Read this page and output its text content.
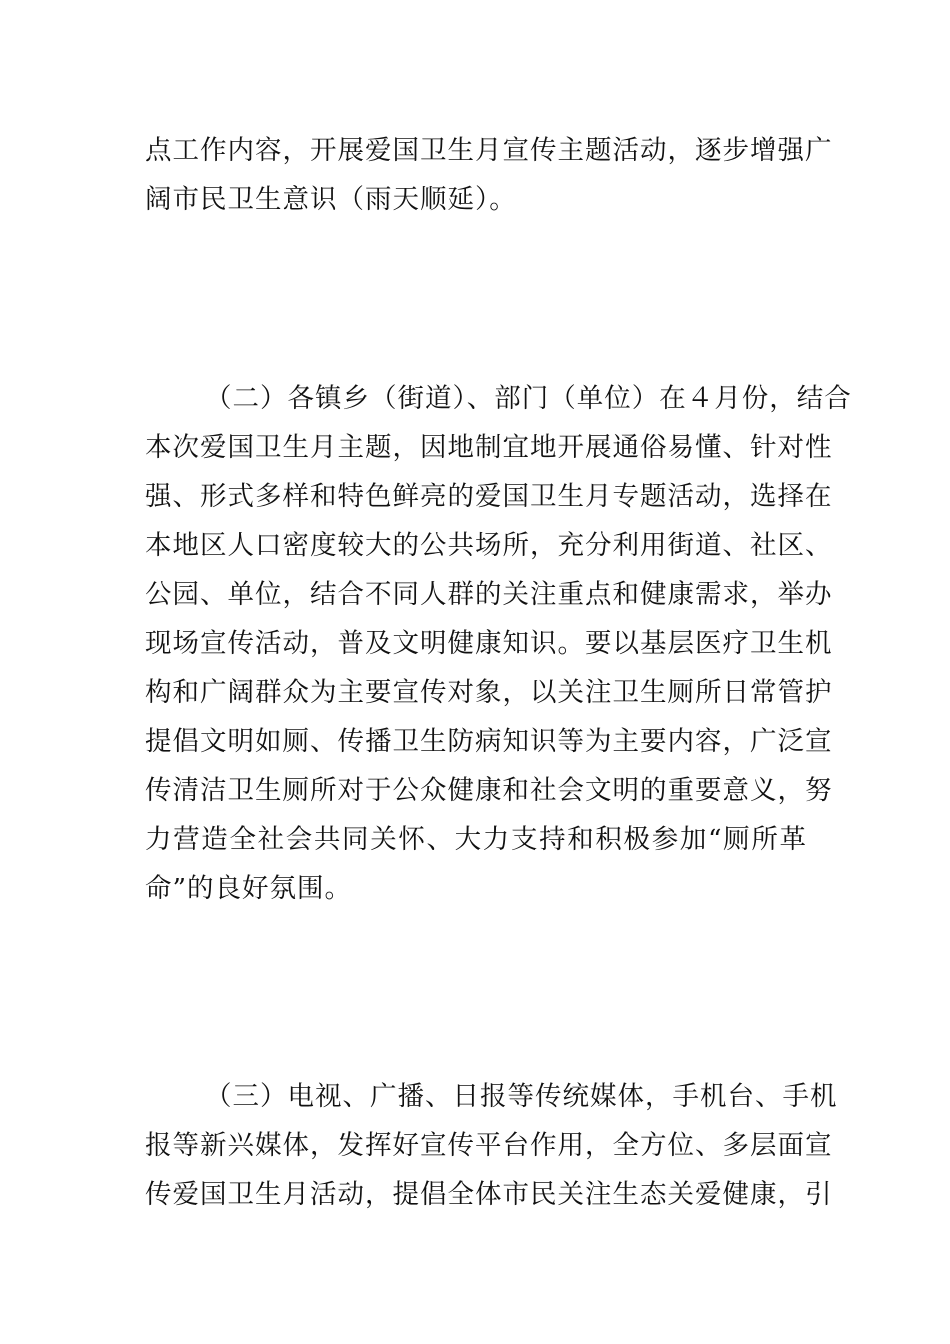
点工作内容，开展爱国卫生月宣传主题活动，逐步增强广
阔市民卫生意识（雨天顺延）。
（二）各镇乡（街道）、部门（单位）在４月份，结合
本次爱国卫生月主题，因地制宜地开展通俗易懂、针对性
强、形式多样和特色鲜亮的爱国卫生月专题活动，选择在
本地区人口密度较大的公共场所，充分利用街道、社区、
公园、单位，结合不同人群的关注重点和健康需求，举办
现场宣传活动，普及文明健康知识。要以基层医疗卫生机
构和广阔群众为主要宣传对象，以关注卫生厕所日常管护
提倡文明如厕、传播卫生防病知识等为主要内容，广泛宣
传清洁卫生厕所对于公众健康和社会文明的重要意义，努
力营造全社会共同关怀、大力支持和积极参加“厕所革
命”的良好氛围。
（三）电视、广播、日报等传统媒体，手机台、手机
报等新兴媒体，发挥好宣传平台作用，全方位、多层面宣
传爱国卫生月活动，提倡全体市民关注生态关爱健康，引
